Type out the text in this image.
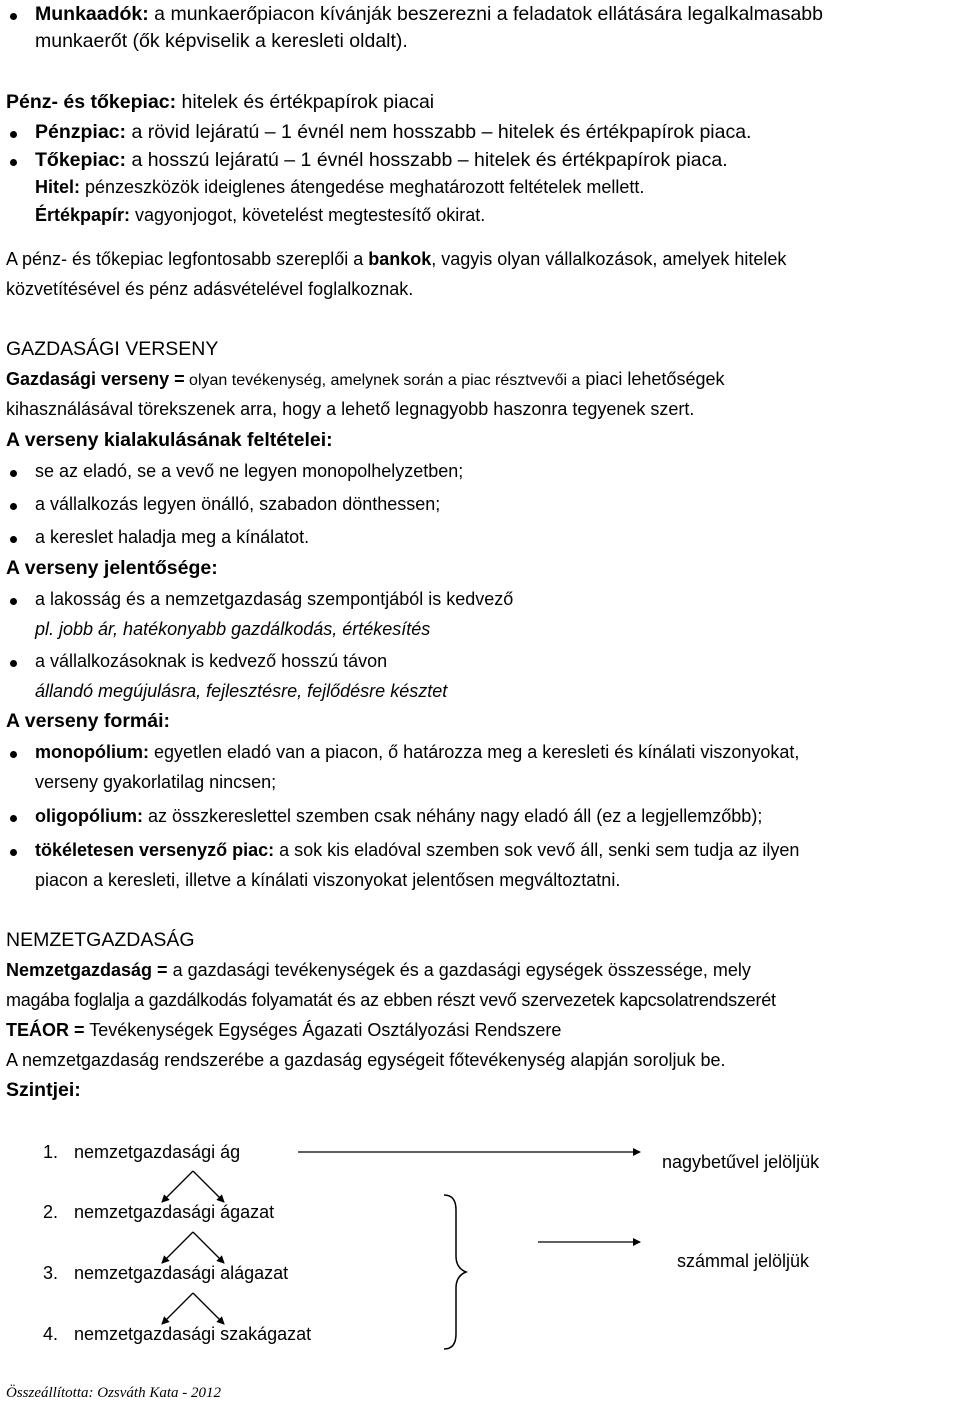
Munkaadók: a munkaerőpiacon kívánják beszerezni a feladatok ellátására legalkalmasabb
munkaerőt (ők képviselik a keresleti oldalt).
Pénz- és tőkepiac: hitelek és értékpapírok piacai
Pénzpiac: a rövid lejáratú – 1 évnél nem hosszabb – hitelek és értékpapírok piaca.
Tőkepiac: a hosszú lejáratú – 1 évnél hosszabb – hitelek és értékpapírok piaca.
Hitel: pénzeszközök ideiglenes átengedése meghatározott feltételek mellett.
Értékpapír: vagyonjogot, követelést megtestesítő okirat.
A pénz- és tőkepiac legfontosabb szereplői a bankok, vagyis olyan vállalkozások, amelyek hitelek
közvetítésével és pénz adásvételével foglalkoznak.
GAZDASÁGI VERSENY
Gazdasági verseny = olyan tevékenység, amelynek során a piac résztvevői a piaci lehetőségek
kihasználásával törekszenek arra, hogy a lehető legnagyobb haszonra tegyenek szert.
A verseny kialakulásának feltételei:
se az eladó, se a vevő ne legyen monopolhelyzetben;
a vállalkozás legyen önálló, szabadon dönthessen;
a kereslet haladja meg a kínálatot.
A verseny jelentősége:
a lakosság és a nemzetgazdaság szempontjából is kedvező
pl. jobb ár, hatékonyabb gazdálkodás, értékesítés
a vállalkozásoknak is kedvező hosszú távon
állandó megújulásra, fejlesztésre, fejlődésre késztet
A verseny formái:
monopólium: egyetlen eladó van a piacon, ő határozza meg a keresleti és kínálati viszonyokat,
verseny gyakorlatilag nincsen;
oligopólium: az összkereslettel szemben csak néhány nagy eladó áll (ez a legjellemzőbb);
tökéletesen versenyző piac: a sok kis eladóval szemben sok vevő áll, senki sem tudja az ilyen
piacon a keresleti, illetve a kínálati viszonyokat jelentősen megváltoztatni.
NEMZETGAZDASÁG
Nemzetgazdaság = a gazdasági tevékenységek és a gazdasági egységek összessége, mely
magába foglalja a gazdálkodás folyamatát és az ebben részt vevő szervezetek kapcsolatrendszerét
TEÁOR = Tevékenységek Egységes Ágazati Osztályozási Rendszere
A nemzetgazdaság rendszerébe a gazdaság egységeit főtevékenység alapján soroljuk be.
Szintjei:
1. nemzetgazdasági ág
2. nemzetgazdasági ágazat
3. nemzetgazdasági alágazat
4. nemzetgazdasági szakágazat
nagybetűvel jelöljük
számmal jelöljük
Összeállította: Ozsváth Kata - 2012
